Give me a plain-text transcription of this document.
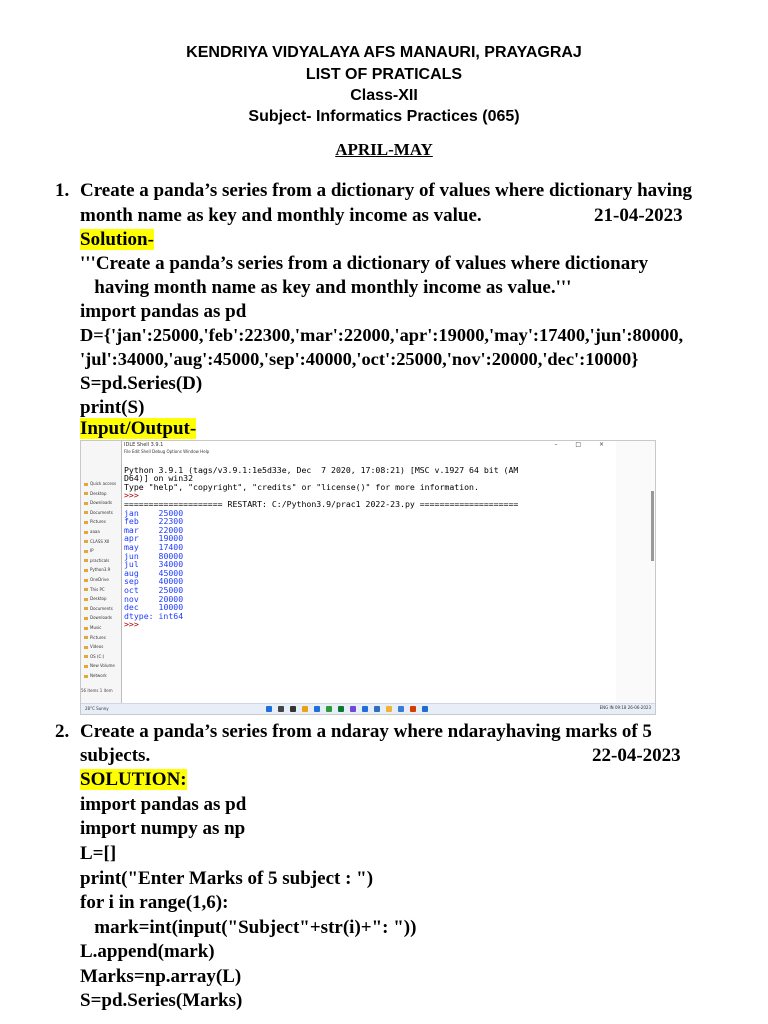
KENDRIYA VIDYALAYA AFS MANAURI, PRAYAGRAJ
LIST OF PRATICALS
Class-XII
Subject- Informatics Practices (065)
APRIL-MAY
1. Create a panda’s series from a dictionary of values where dictionary having
month name as key and monthly income as value.	21-04-2023
Solution-
'''Create a panda’s series from a dictionary of values where dictionary
having month name as key and monthly income as value.'''
import pandas as pd
D={'jan':25000,'feb':22300,'mar':22000,'apr':19000,'may':17400,'jun':80000,
'jul':34000,'aug':45000,'sep':40000,'oct':25000,'nov':20000,'dec':10000}
S=pd.Series(D)
print(S)
Input/Output-
Quick access
Desktop
Downloads
Documents
Pictures
aaaa
CLASS XII
IP
practicals
Python3.9
OneDrive
This PC
Desktop
Documents
Downloads
Music
Pictures
Videos
OS (C:)
New Volume
Network
56 items 1 item
IDLE Shell 3.9.1	– □ ×
File Edit Shell Debug Options Window Help

Python 3.9.1 (tags/v3.9.1:1e5d33e, Dec  7 2020, 17:08:21) [MSC v.1927 64 bit (AM
D64)] on win32
Type "help", "copyright", "credits" or "license()" for more information.
>>>
==================== RESTART: C:/Python3.9/prac1 2022-23.py ====================
jan 25000
feb 22300
mar 22000
apr 19000
may 17400
jun 80000
jul 34000
aug 45000
sep 40000
oct 25000
nov 20000
dec 10000
dtype: int64
>>>
28°C Sunny	ENG IN 09:18 26-06-2023
2. Create a panda’s series from a ndaray where ndarayhaving marks of 5
subjects.	22-04-2023
SOLUTION:
import pandas as pd
import numpy as np
L=[]
print("Enter Marks of 5 subject : ")
for i in range(1,6):
mark=int(input("Subject"+str(i)+": "))
L.append(mark)
Marks=np.array(L)
S=pd.Series(Marks)
